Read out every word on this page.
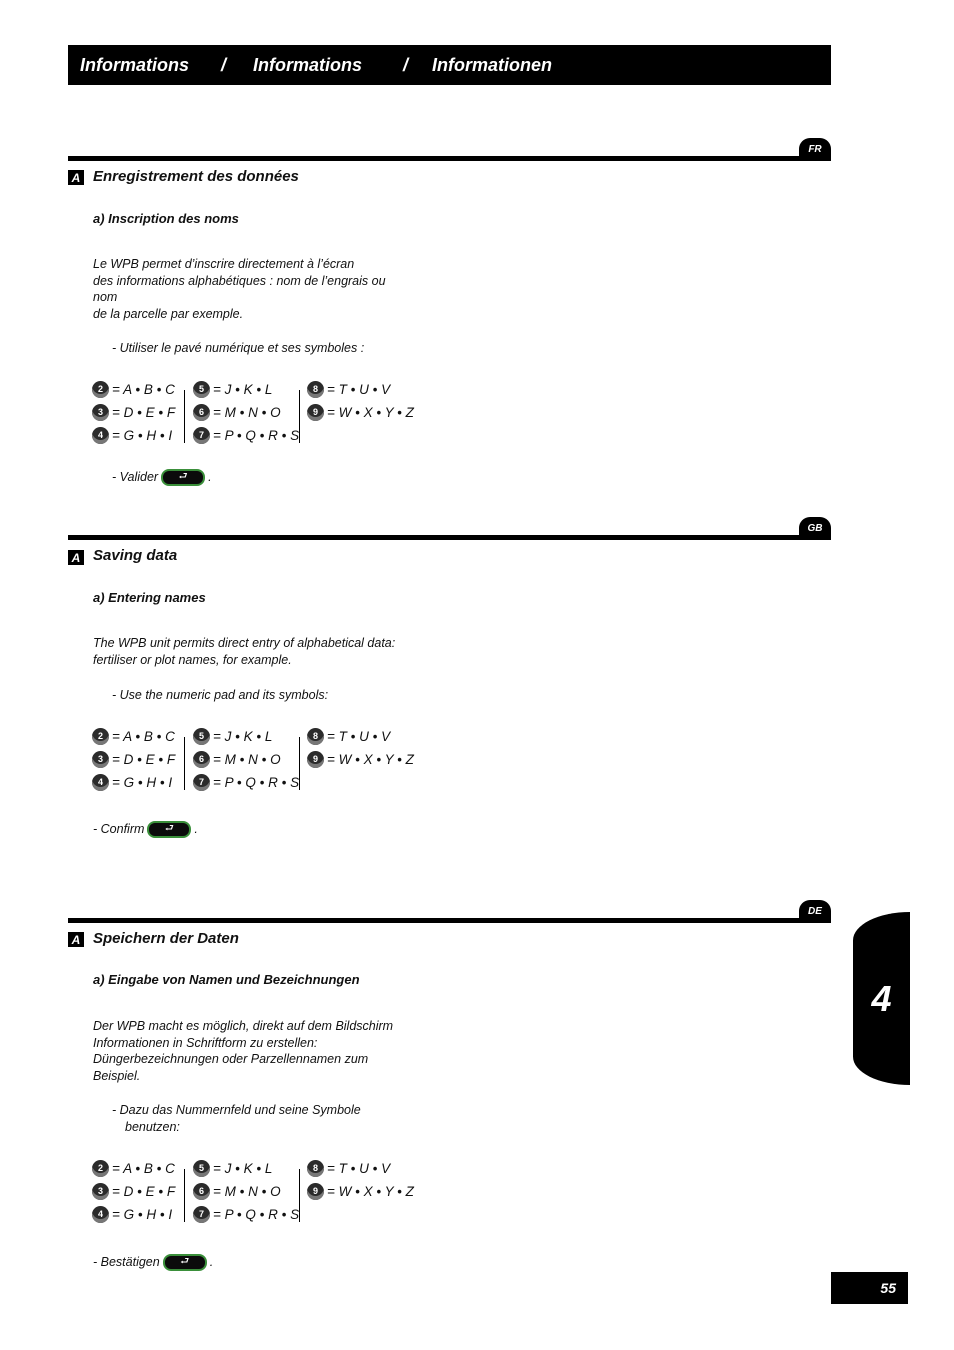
Informations / Informations / Informationen
FR
A Enregistrement des données
a) Inscription des noms
Le WPB permet d’inscrire directement à l’écran
des informations alphabétiques : nom de l’engrais ou
nom
de la parcelle par exemple.
- Utiliser le pavé numérique et ses symboles :
2 = A • B • C
3 = D • E • F
4 = G • H • I
5 = J • K • L
6 = M • N • O
7 = P • Q • R • S
8 = T • U • V
9 = W • X • Y • Z
- Valider ⮐ .
GB
A Saving data
a) Entering names
The WPB unit permits direct entry of alphabetical data:
fertiliser or plot names, for example.
- Use the numeric pad and its symbols:
2 = A • B • C
3 = D • E • F
4 = G • H • I
5 = J • K • L
6 = M • N • O
7 = P • Q • R • S
8 = T • U • V
9 = W • X • Y • Z
- Confirm ⮐ .
DE
A Speichern der Daten
a) Eingabe von Namen und Bezeichnungen
Der WPB macht es möglich, direkt auf dem Bildschirm
Informationen in Schriftform zu erstellen:
Düngerbezeichnungen oder Parzellennamen zum
Beispiel.
- Dazu das Nummernfeld und seine Symbole benutzen:
2 = A • B • C
3 = D • E • F
4 = G • H • I
5 = J • K • L
6 = M • N • O
7 = P • Q • R • S
8 = T • U • V
9 = W • X • Y • Z
- Bestätigen ⮐ .
4
55
